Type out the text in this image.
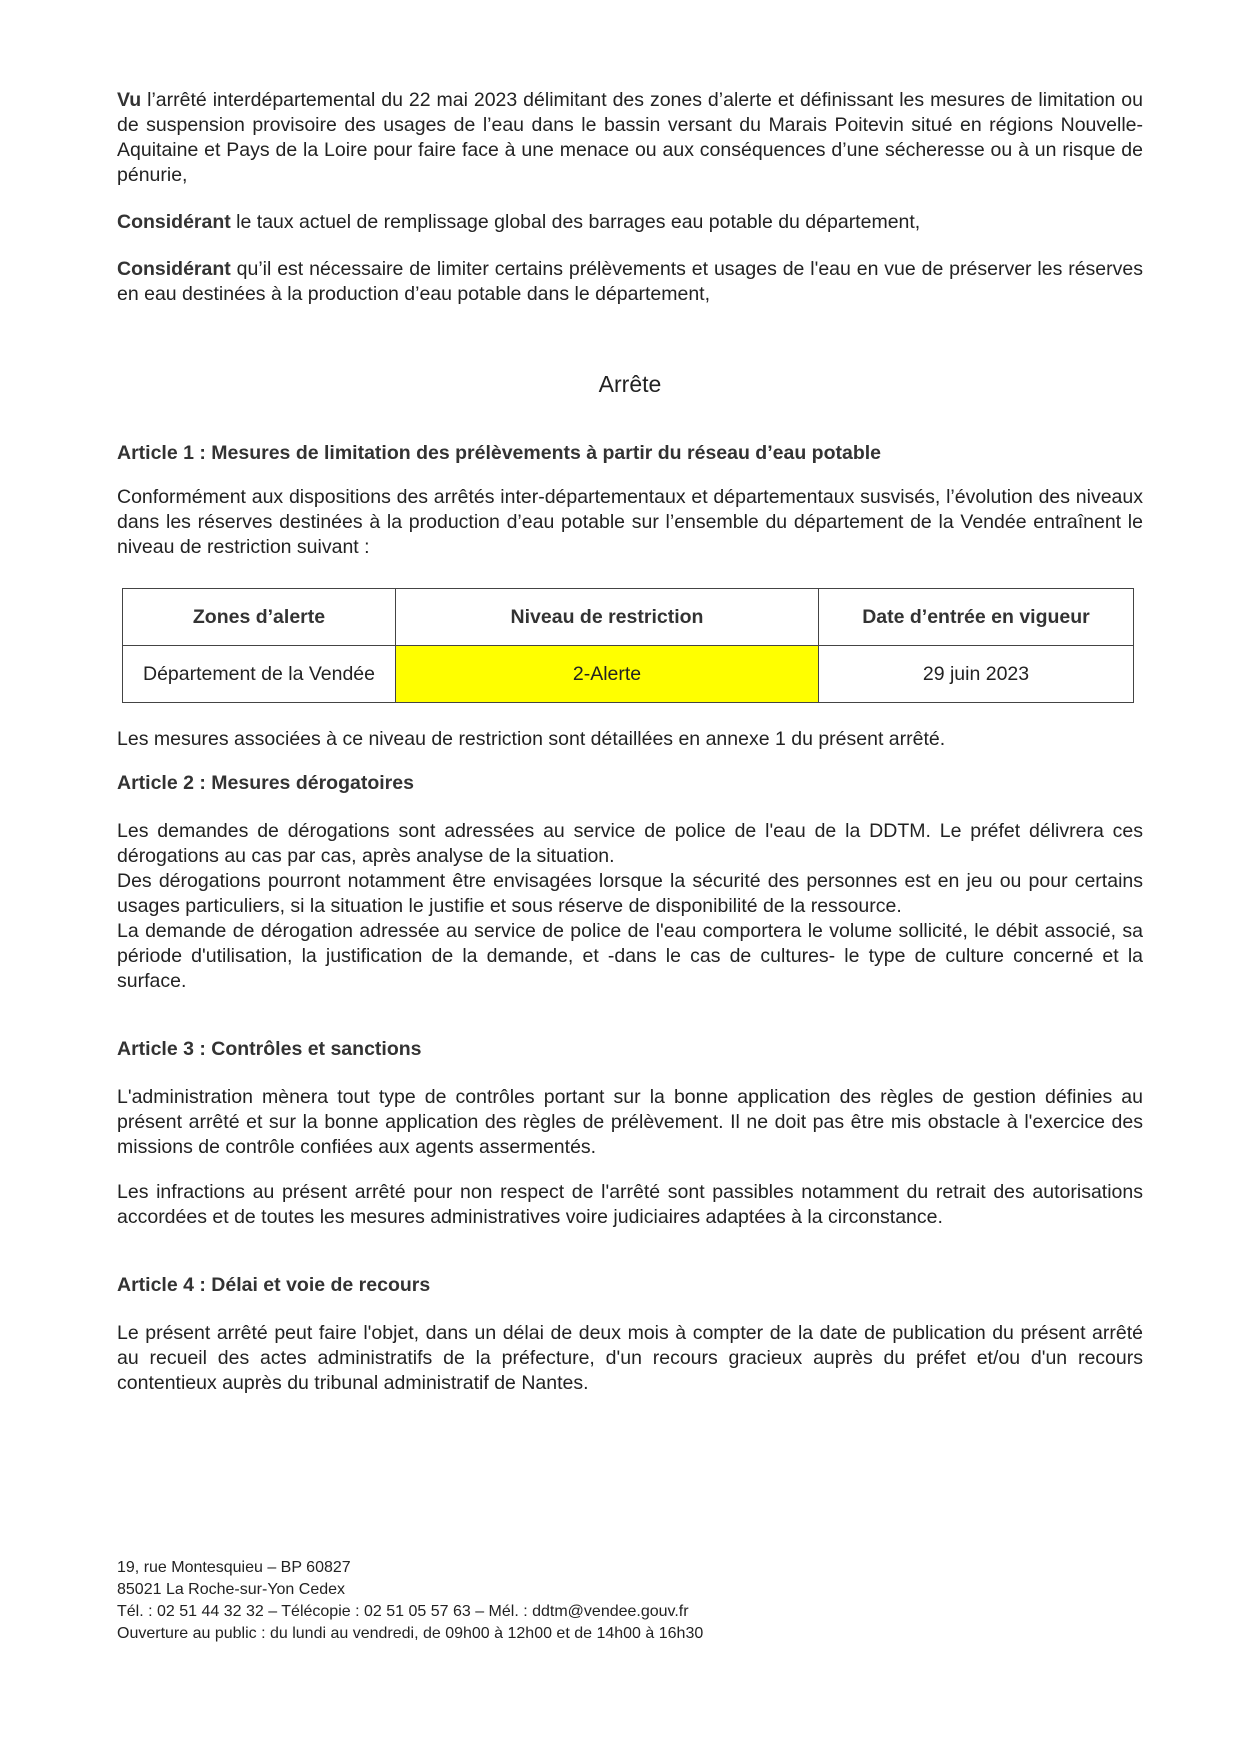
Vu l’arrêté interdépartemental du 22 mai 2023 délimitant des zones d’alerte et définissant les mesures de limitation ou de suspension provisoire des usages de l’eau dans le bassin versant du Marais Poitevin situé en régions Nouvelle-Aquitaine et Pays de la Loire pour faire face à une menace ou aux conséquences d’une sécheresse ou à un risque de pénurie,

Considérant le taux actuel de remplissage global des barrages eau potable du département,

Considérant qu’il est nécessaire de limiter certains prélèvements et usages de l'eau en vue de préserver les réserves en eau destinées à la production d’eau potable dans le département,

Arrête
Article 1 : Mesures de limitation des prélèvements à partir du réseau d’eau potable

Conformément aux dispositions des arrêtés inter-départementaux et départementaux susvisés, l’évolution des niveaux dans les réserves destinées à la production d’eau potable sur l’ensemble du département de la Vendée entraînent le niveau de restriction suivant :

Zones d’alerte	Niveau de restriction	Date d’entrée en vigueur
Département de la Vendée	2-Alerte	29 juin 2023

Les mesures associées à ce niveau de restriction sont détaillées en annexe 1 du présent arrêté.

Article 2 : Mesures dérogatoires

Les demandes de dérogations sont adressées au service de police de l'eau de la DDTM. Le préfet délivrera ces dérogations au cas par cas, après analyse de la situation.

Des dérogations pourront notamment être envisagées lorsque la sécurité des personnes est en jeu ou pour certains usages particuliers, si la situation le justifie et sous réserve de disponibilité de la ressource.

La demande de dérogation adressée au service de police de l'eau comportera le volume sollicité, le débit associé, sa période d'utilisation, la justification de la demande, et -dans le cas de cultures- le type de culture concerné et la surface.

Article 3 : Contrôles et sanctions

L'administration mènera tout type de contrôles portant sur la bonne application des règles de gestion définies au présent arrêté et sur la bonne application des règles de prélèvement. Il ne doit pas être mis obstacle à l'exercice des missions de contrôle confiées aux agents assermentés.

Les infractions au présent arrêté pour non respect de l'arrêté sont passibles notamment du retrait des autorisations accordées et de toutes les mesures administratives voire judiciaires adaptées à la circonstance.

Article 4 : Délai et voie de recours

Le présent arrêté peut faire l'objet, dans un délai de deux mois à compter de la date de publication du présent arrêté au recueil des actes administratifs de la préfecture, d'un recours gracieux auprès du préfet et/ou d'un recours contentieux auprès du tribunal administratif de Nantes.

19, rue Montesquieu – BP 60827
85021 La Roche-sur-Yon Cedex
Tél. : 02 51 44 32 32 – Télécopie : 02 51 05 57 63 – Mél. : ddtm@vendee.gouv.fr
Ouverture au public : du lundi au vendredi, de 09h00 à 12h00 et de 14h00 à 16h30
